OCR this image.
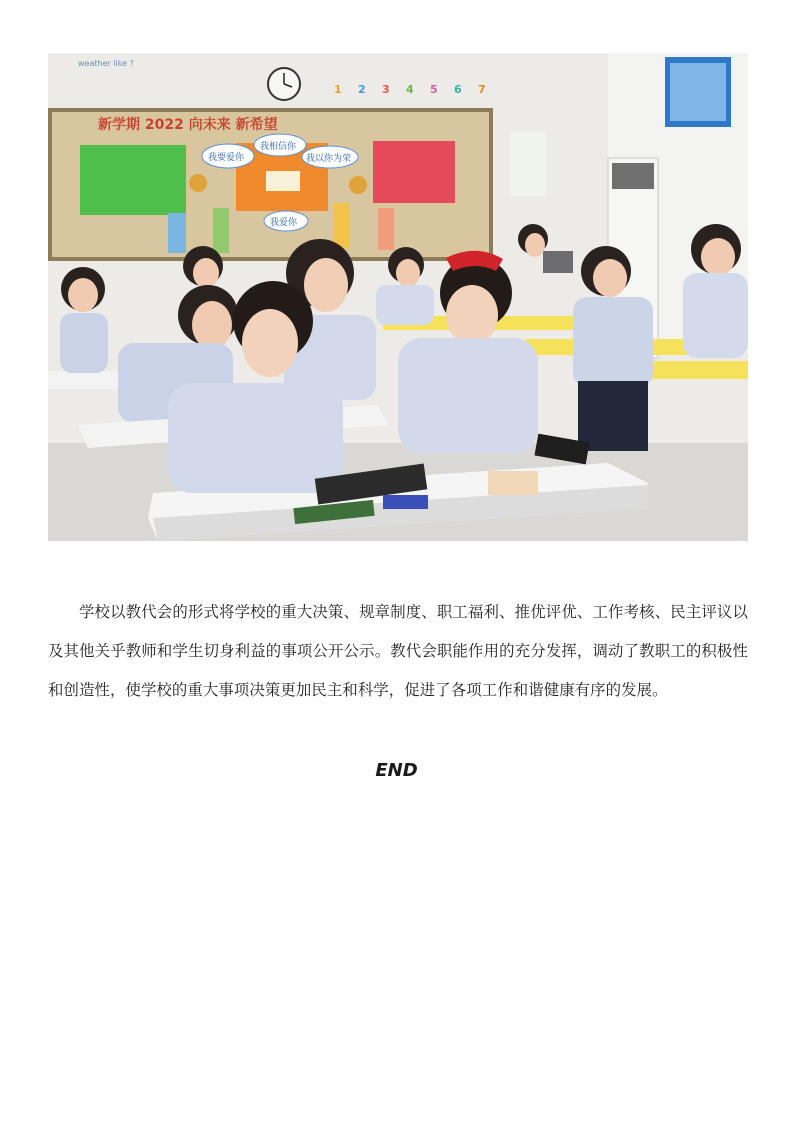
weather like ?
1 2 3 4 5 6 7
新学期 2022 向未来 新希望
我要爱你
我相信你
我以你为荣
我爱你

学校以教代会的形式将学校的重大决策、规章制度、职工福利、推优评优、工作考核、民主评议以及其他关乎教师和学生切身利益的事项公开公示。教代会职能作用的充分发挥，调动了教职工的积极性和创造性，使学校的重大事项决策更加民主和科学，促进了各项工作和谐健康有序的发展。

END
